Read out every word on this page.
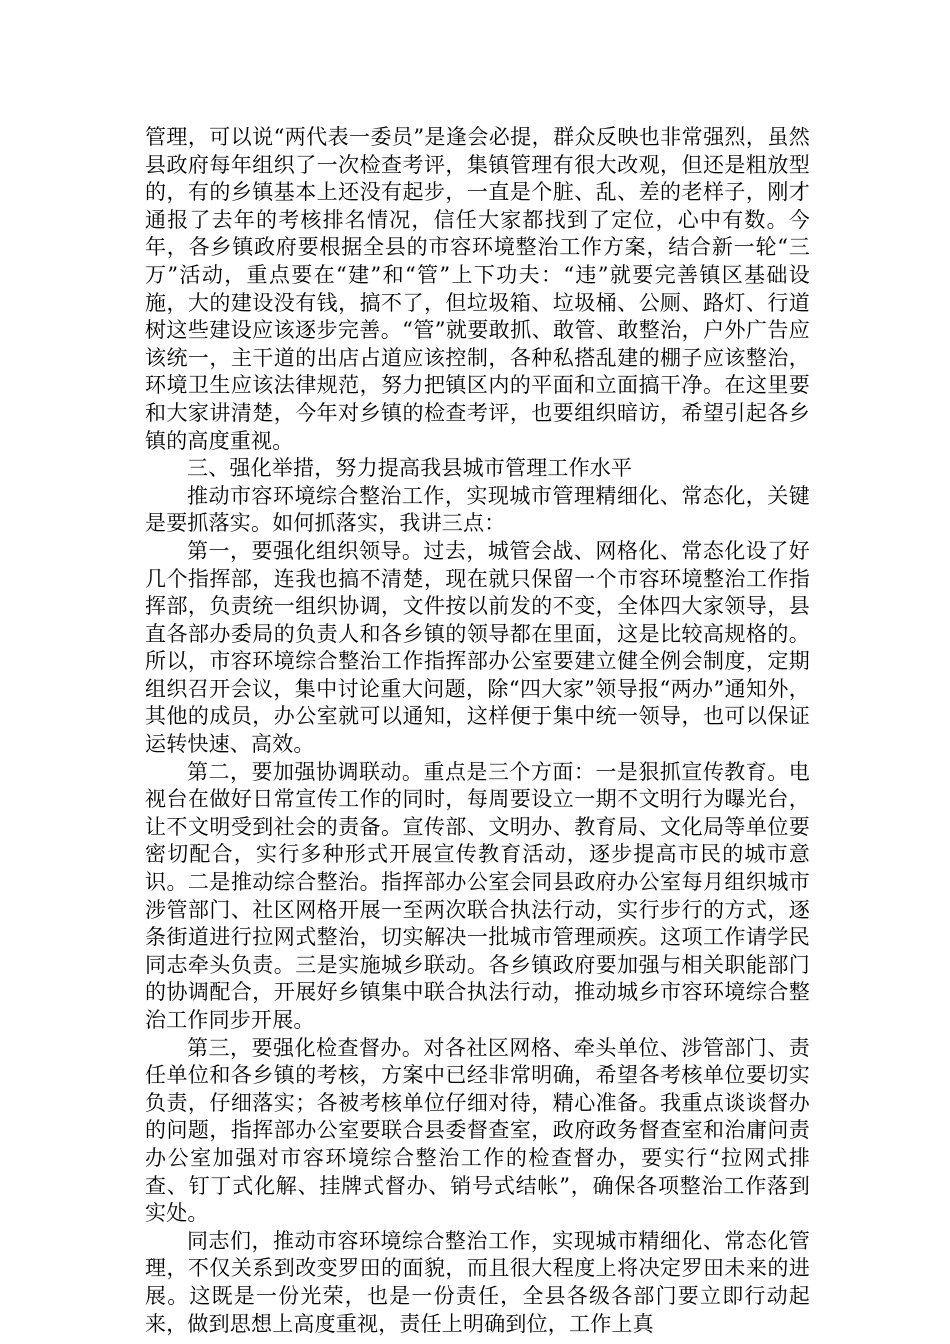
管理，可以说“两代表一委员”是逢会必提，群众反映也非常强烈，虽然县政府每年组织了一次检查考评，集镇管理有很大改观，但还是粗放型的，有的乡镇基本上还没有起步，一直是个脏、乱、差的老样子，刚才通报了去年的考核排名情况，信任大家都找到了定位，心中有数。今年，各乡镇政府要根据全县的市容环境整治工作方案，结合新一轮“三万”活动，重点要在“建”和“管”上下功夫：“违”就要完善镇区基础设施，大的建设没有钱，搞不了，但垃圾箱、垃圾桶、公厕、路灯、行道树这些建设应该逐步完善。“管”就要敢抓、敢管、敢整治，户外广告应该统一，主干道的出店占道应该控制，各种私搭乱建的棚子应该整治，环境卫生应该法律规范，努力把镇区内的平面和立面搞干净。在这里要和大家讲清楚，今年对乡镇的检查考评，也要组织暗访，希望引起各乡镇的高度重视。

三、强化举措，努力提高我县城市管理工作水平

推动市容环境综合整治工作，实现城市管理精细化、常态化，关键是要抓落实。如何抓落实，我讲三点：

第一，要强化组织领导。过去，城管会战、网格化、常态化设了好几个指挥部，连我也搞不清楚，现在就只保留一个市容环境整治工作指挥部，负责统一组织协调，文件按以前发的不变，全体四大家领导，县直各部办委局的负责人和各乡镇的领导都在里面，这是比较高规格的。所以，市容环境综合整治工作指挥部办公室要建立健全例会制度，定期组织召开会议，集中讨论重大问题，除“四大家”领导报“两办”通知外，其他的成员，办公室就可以通知，这样便于集中统一领导，也可以保证运转快速、高效。

第二，要加强协调联动。重点是三个方面：一是狠抓宣传教育。电视台在做好日常宣传工作的同时，每周要设立一期不文明行为曝光台，让不文明受到社会的责备。宣传部、文明办、教育局、文化局等单位要密切配合，实行多种形式开展宣传教育活动，逐步提高市民的城市意识。二是推动综合整治。指挥部办公室会同县政府办公室每月组织城市涉管部门、社区网格开展一至两次联合执法行动，实行步行的方式，逐条街道进行拉网式整治，切实解决一批城市管理顽疾。这项工作请学民同志牵头负责。三是实施城乡联动。各乡镇政府要加强与相关职能部门的协调配合，开展好乡镇集中联合执法行动，推动城乡市容环境综合整治工作同步开展。

第三，要强化检查督办。对各社区网格、牵头单位、涉管部门、责任单位和各乡镇的考核，方案中已经非常明确，希望各考核单位要切实负责，仔细落实；各被考核单位仔细对待，精心准备。我重点谈谈督办的问题，指挥部办公室要联合县委督查室，政府政务督查室和治庸问责办公室加强对市容环境综合整治工作的检查督办，要实行“拉网式排查、钉丁式化解、挂牌式督办、销号式结帐”，确保各项整治工作落到实处。

同志们，推动市容环境综合整治工作，实现城市精细化、常态化管理，不仅关系到改变罗田的面貌，而且很大程度上将决定罗田未来的进展。这既是一份光荣，也是一份责任，全县各级各部门要立即行动起来，做到思想上高度重视，责任上明确到位，工作上真
